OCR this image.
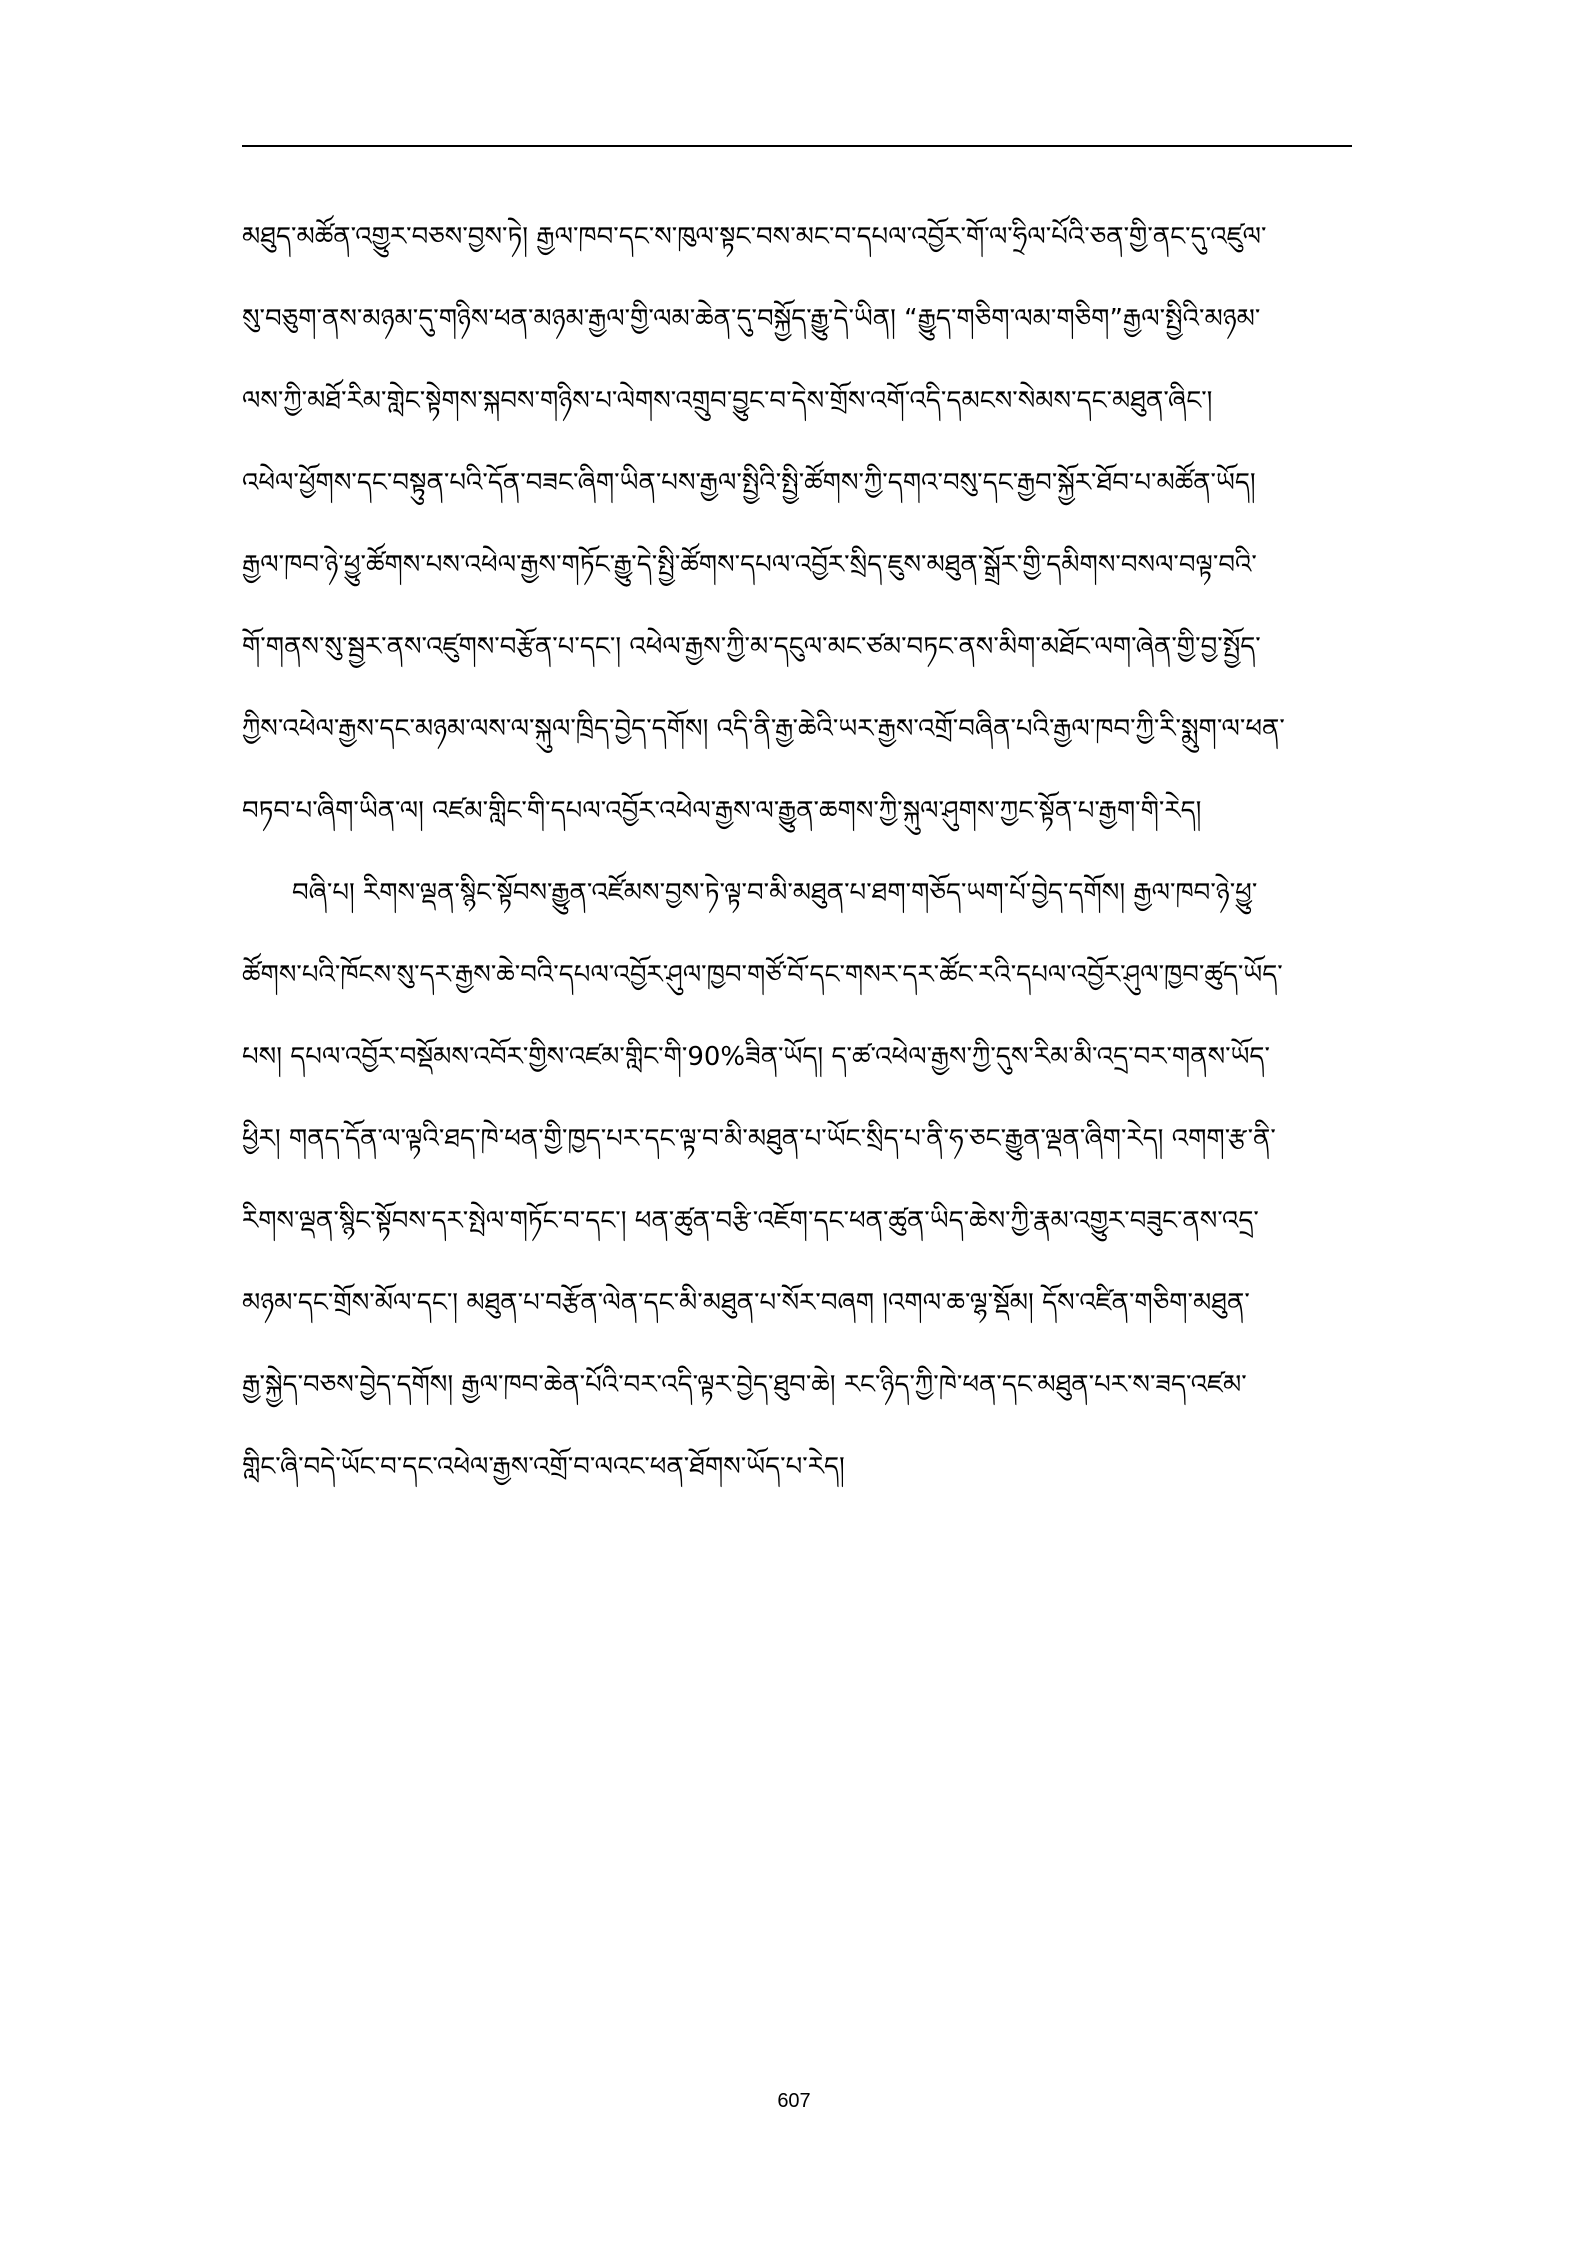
མཐུད་མཚོན་འགྱུར་བཅས་བྱས་ཏེ། རྒྱལ་ཁབ་དང་ས་ཁུལ་སྟང་བས་མང་བ་དཔལ་འབྱོར་གོ་ལ་ཧྲིལ་པོའི་ཅན་གྱི་ནང་དུ་འཛུལ་
སུ་བཅུག་ནས་མཉམ་དུ་གཉིས་ཕན་མཉམ་རྒྱལ་གྱི་ལམ་ཆེན་དུ་བསྐྱོད་རྒྱུ་དེ་ཡིན། “རྒྱུད་གཅིག་ལམ་གཅིག”རྒྱལ་སྤྱིའི་མཉམ་
ལས་ཀྱི་མཐོ་རིམ་གླེང་སྟེགས་སྐབས་གཉིས་པ་ལེགས་འགྲུབ་བྱུང་བ་དེས་གྲོས་འགོ་འདི་དམངས་སེམས་དང་མཐུན་ཞིང་།
འཕེལ་ཕྱོགས་དང་བསྟུན་པའི་དོན་བཟང་ཞིག་ཡིན་པས་རྒྱལ་སྤྱིའི་སྤྱི་ཚོགས་ཀྱི་དགའ་བསུ་དང་རྒྱབ་སྐྱོར་ཐོབ་པ་མཚོན་ཡོད།
རྒྱལ་ཁབ་ཉེ་ཕྱུ་ཚོགས་པས་འཕེལ་རྒྱས་གཏོང་རྒྱུ་དེ་སྤྱི་ཚོགས་དཔལ་འབྱོར་སྲིད་ཇུས་མཐུན་སྒྲོར་གྱི་དམིགས་བསལ་བལྟ་བའི་
གོ་གནས་སུ་སྦྱར་ནས་འཛུགས་བརྩོན་པ་དང་། འཕེལ་རྒྱས་ཀྱི་མ་དངུལ་མང་ཙམ་བཏང་ནས་མིག་མཐོང་ལག་ཞེན་གྱི་བྱ་སྤྱོད་
ཀྱིས་འཕེལ་རྒྱས་དང་མཉམ་ལས་ལ་སྐུལ་ཁྲིད་བྱེད་དགོས། འདི་ནི་རྒྱ་ཆེའི་ཡར་རྒྱས་འགྲོ་བཞིན་པའི་རྒྱལ་ཁབ་ཀྱི་རི་སྨུག་ལ་ཕན་
བཏབ་པ་ཞིག་ཡིན་ལ། འཛམ་གླིང་གི་དཔལ་འབྱོར་འཕེལ་རྒྱས་ལ་རྒྱུན་ཆགས་ཀྱི་སྐུལ་ཤུགས་ཀྱང་སྟོན་པ་རྒྱག་གི་རེད།
བཞི་པ། རིགས་ལྡན་སྙིང་སྟོབས་རྒྱུན་འཛོམས་བྱས་ཏེ་ལྟ་བ་མི་མཐུན་པ་ཐག་གཅོད་ཡག་པོ་བྱེད་དགོས། རྒྱལ་ཁབ་ཉེ་ཕྱུ་
ཚོགས་པའི་ཁོངས་སུ་དར་རྒྱས་ཆེ་བའི་དཔལ་འབྱོར་ཤུལ་ཁྱབ་གཙོ་བོ་དང་གསར་དར་ཚོང་རའི་དཔལ་འབྱོར་ཤུལ་ཁྱབ་ཚུད་ཡོད་
པས། དཔལ་འབྱོར་བསྡོམས་འབོར་གྱིས་འཛམ་གླིང་གི་90%ཟིན་ཡོད། ད་ཚ་འཕེལ་རྒྱས་ཀྱི་དུས་རིམ་མི་འདྲ་བར་གནས་ཡོད་
ཕྱིར། གནད་དོན་ལ་ལྟའི་ཐད་ཁེ་ཕན་གྱི་ཁྱད་པར་དང་ལྟ་བ་མི་མཐུན་པ་ཡོང་སྲིད་པ་ནི་ཧ་ཅང་རྒྱུན་ལྡན་ཞིག་རེད། འགག་རྩ་ནི་
རིགས་ལྡན་སྙིང་སྟོབས་དར་སྤེལ་གཏོང་བ་དང་། ཕན་ཚུན་བརྩི་འཇོག་དང་ཕན་ཚུན་ཡིད་ཆེས་ཀྱི་རྣམ་འགྱུར་བཟུང་ནས་འདྲ་
མཉམ་དང་གྲོས་མོལ་དང་། མཐུན་པ་བརྩོན་ལེན་དང་མི་མཐུན་པ་སོར་བཞག །འགལ་ཆ་ལྷ་སྡོམ། དོས་འཛིན་གཅིག་མཐུན་
རྒྱ་སྐྱེད་བཅས་བྱེད་དགོས། རྒྱལ་ཁབ་ཆེན་པོའི་བར་འདི་ལྟར་བྱེད་ཐུབ་ཆེ། རང་ཉིད་ཀྱི་ཁེ་ཕན་དང་མཐུན་པར་ས་ཟད་འཛམ་
གླིང་ཞི་བདེ་ཡོང་བ་དང་འཕེལ་རྒྱས་འགྲོ་བ་ལའང་ཕན་ཐོགས་ཡོད་པ་རེད།
607
